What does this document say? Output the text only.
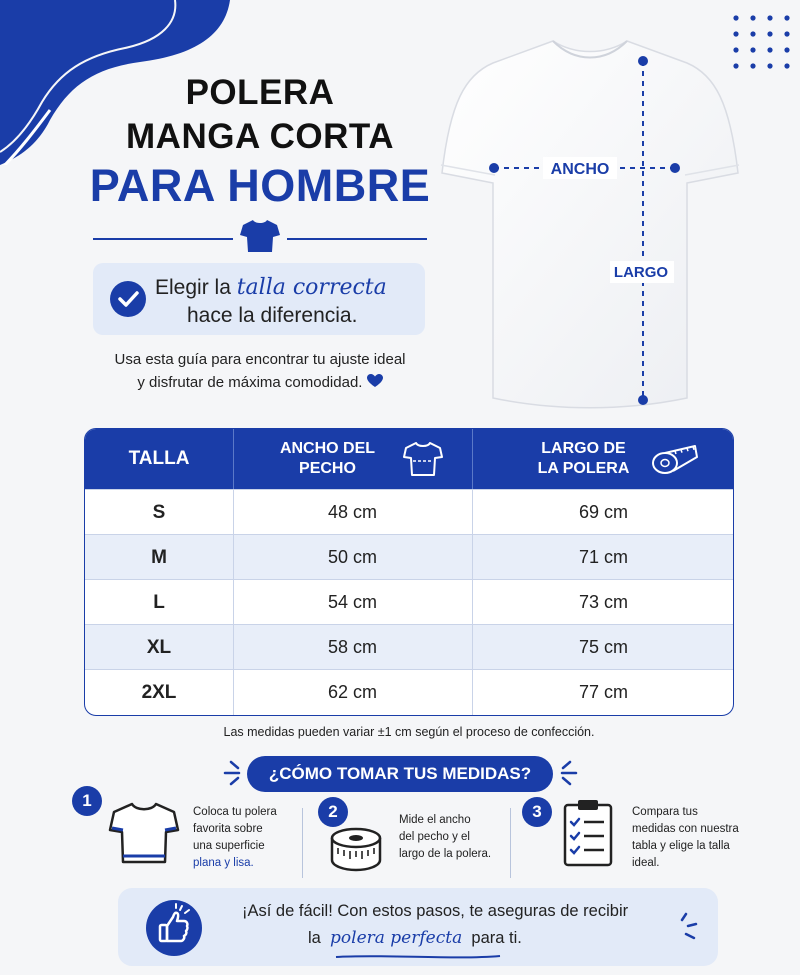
POLERA
MANGA CORTA
PARA HOMBRE
Elegir la talla correcta
hace la diferencia.
Usa esta guía para encontrar tu ajuste ideal
y disfrutar de máxima comodidad.
ANCHO
LARGO
TALLA	ANCHO DEL
PECHO
LARGO DE
LA POLERA
S	48 cm	69 cm
M	50 cm	71 cm
L	54 cm	73 cm
XL	58 cm	75 cm
2XL	62 cm	77 cm
Las medidas pueden variar ±1 cm según el proceso de confección.
¿CÓMO TOMAR TUS MEDIDAS?
1
Coloca tu polera
favorita sobre
una superficie
plana y lisa.
2	Mide el ancho
del pecho y el
largo de la polera.
3	Compara tus
medidas con nuestra
tabla y elige la talla
ideal.
¡Así de fácil! Con estos pasos, te aseguras de recibir
la polera perfecta para ti.
